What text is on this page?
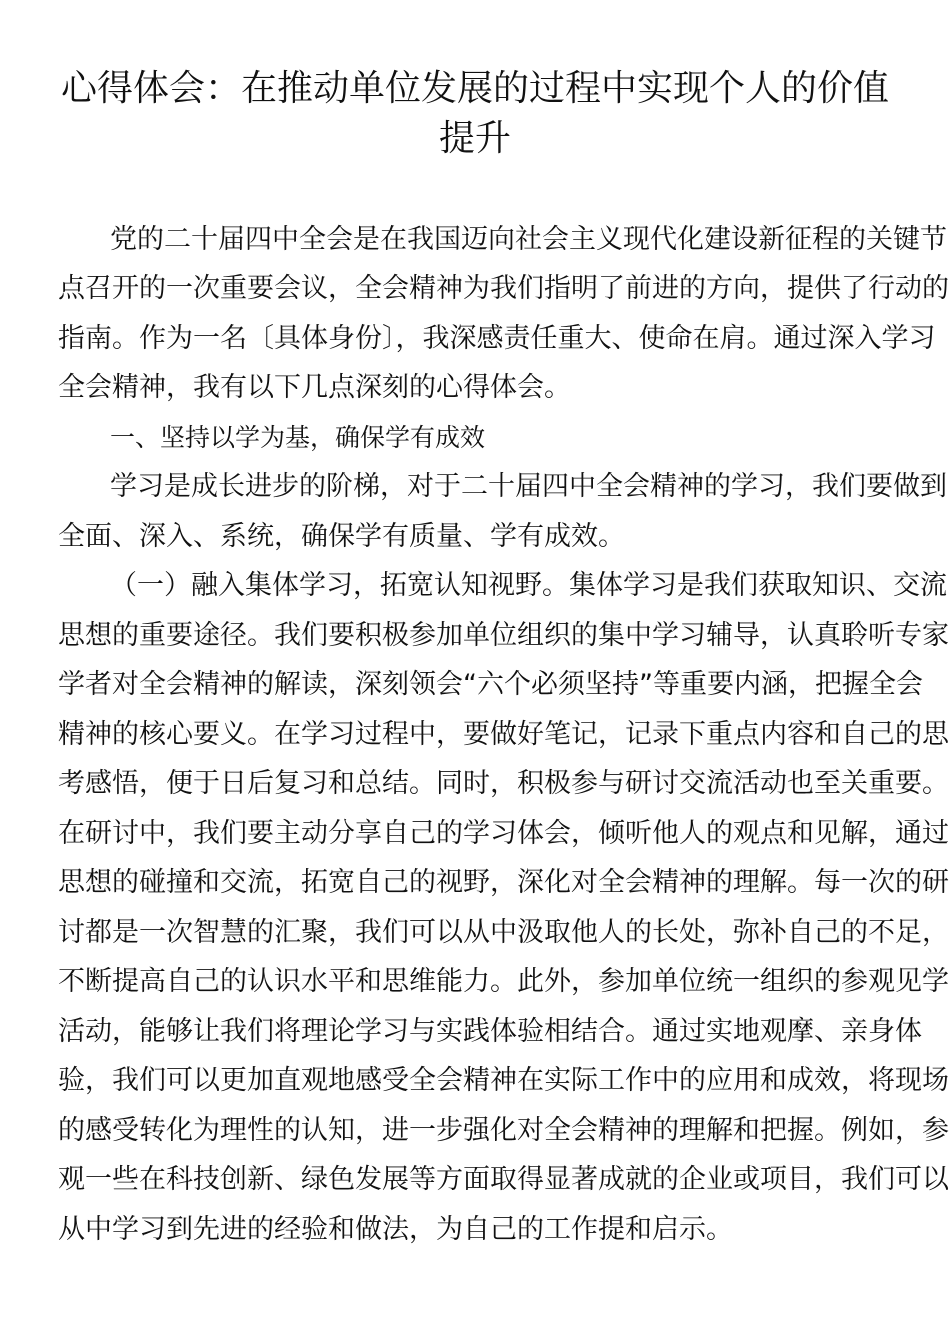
心得体会：在推动单位发展的过程中实现个人的价值
提升
党的二十届四中全会是在我国迈向社会主义现代化建设新征程的关键节
点召开的一次重要会议，全会精神为我们指明了前进的方向，提供了行动的
指南。作为一名〔具体身份〕，我深感责任重大、使命在肩。通过深入学习
全会精神，我有以下几点深刻的心得体会。
一、坚持以学为基，确保学有成效
学习是成长进步的阶梯，对于二十届四中全会精神的学习，我们要做到
全面、深入、系统，确保学有质量、学有成效。
（一）融入集体学习，拓宽认知视野。集体学习是我们获取知识、交流
思想的重要途径。我们要积极参加单位组织的集中学习辅导，认真聆听专家
学者对全会精神的解读，深刻领会“六个必须坚持”等重要内涵，把握全会
精神的核心要义。在学习过程中，要做好笔记，记录下重点内容和自己的思
考感悟，便于日后复习和总结。同时，积极参与研讨交流活动也至关重要。
在研讨中，我们要主动分享自己的学习体会，倾听他人的观点和见解，通过
思想的碰撞和交流，拓宽自己的视野，深化对全会精神的理解。每一次的研
讨都是一次智慧的汇聚，我们可以从中汲取他人的长处，弥补自己的不足，
不断提高自己的认识水平和思维能力。此外，参加单位统一组织的参观见学
活动，能够让我们将理论学习与实践体验相结合。通过实地观摩、亲身体
验，我们可以更加直观地感受全会精神在实际工作中的应用和成效，将现场
的感受转化为理性的认知，进一步强化对全会精神的理解和把握。例如，参
观一些在科技创新、绿色发展等方面取得显著成就的企业或项目，我们可以
从中学习到先进的经验和做法，为自己的工作提和启示。
